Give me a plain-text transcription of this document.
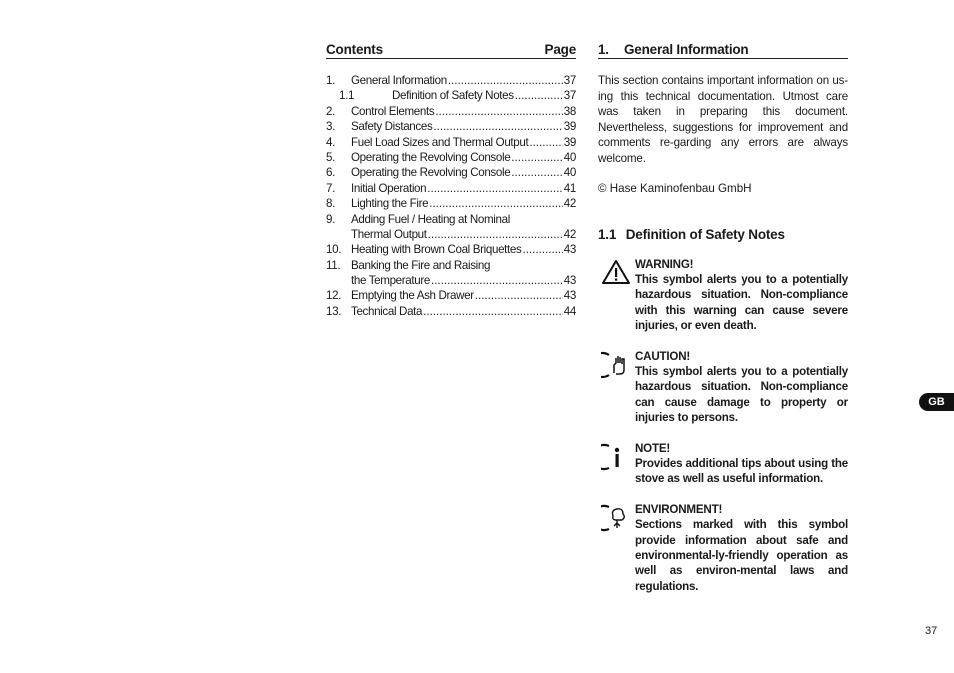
Contents	Page
1.	General Information .....	37
1.1	Definition of Safety Notes .....	37
2.	Control Elements .....	38
3.	Safety Distances .....	39
4.	Fuel Load Sizes and Thermal Output .....	39
5.	Operating the Revolving Console .....	40
6.	Operating the Revolving Console .....	40
7.	Initial Operation .....	41
8.	Lighting the Fire .....	42
9.	Adding Fuel / Heating at Nominal
Thermal Output .....	42
10. Heating with Brown Coal Briquettes .....	43
11. Banking the Fire and Raising
the Temperature .....	43
12. Emptying the Ash Drawer .....	43
13. Technical Data .....	44
1.	General Information
This section contains important information on us-ing this technical documentation. Utmost care was taken in preparing this document. Nevertheless, suggestions for improvement and comments re-garding any errors are always welcome.
© Hase Kaminofenbau GmbH
1.1 Definition of Safety Notes
WARNING!
This symbol alerts you to a potentially hazardous situation. Non-compliance with this warning can cause severe injuries, or even death.
CAUTION!
This symbol alerts you to a potentially hazardous situation. Non-compliance can cause damage to property or injuries to persons.
NOTE!
Provides additional tips about using the stove as well as useful information.
ENVIRONMENT!
Sections marked with this symbol provide information about safe and environmental-ly-friendly operation as well as environ-mental laws and regulations.
GB
37
